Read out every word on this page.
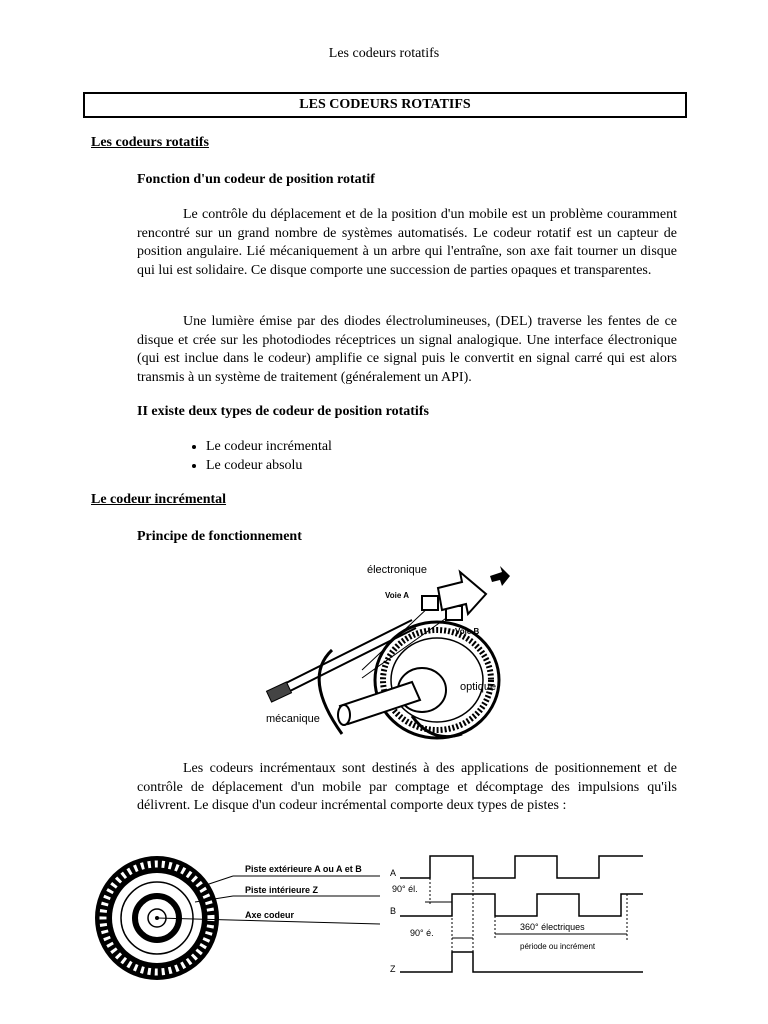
Les codeurs rotatifs
LES CODEURS ROTATIFS
Les codeurs rotatifs
Fonction d'un codeur de position rotatif

Le contrôle du déplacement et de la position d'un mobile est un problème couramment rencontré sur un grand nombre de systèmes automatisés. Le codeur rotatif est un capteur de position angulaire. Lié mécaniquement à un arbre qui l'entraîne, son axe fait tourner un disque qui lui est solidaire. Ce disque comporte une succession de parties opaques et transparentes.

Une lumière émise par des diodes électrolumineuses, (DEL) traverse les fentes de ce disque et crée sur les photodiodes réceptrices un signal analogique. Une interface électronique (qui est inclue dans le codeur) amplifie ce signal puis le convertit en signal carré qui est alors transmis à un système de traitement (généralement un API).

II existe deux types de codeur de position rotatifs
• Le codeur incrémental
• Le codeur absolu
Le codeur incrémental
Principe de fonctionnement
électronique
Voie A
Voie B
optique
mécanique

Les codeurs incrémentaux sont destinés à des applications de positionnement et de contrôle de déplacement d'un mobile par comptage et décomptage des impulsions qu'ils délivrent. Le disque d'un codeur incrémental comporte deux types de pistes :

Piste extérieure A ou A et B
Piste intérieure Z
Axe codeur
A
B
90° él.
90° é.
360° électriques
période ou incrément
Z
